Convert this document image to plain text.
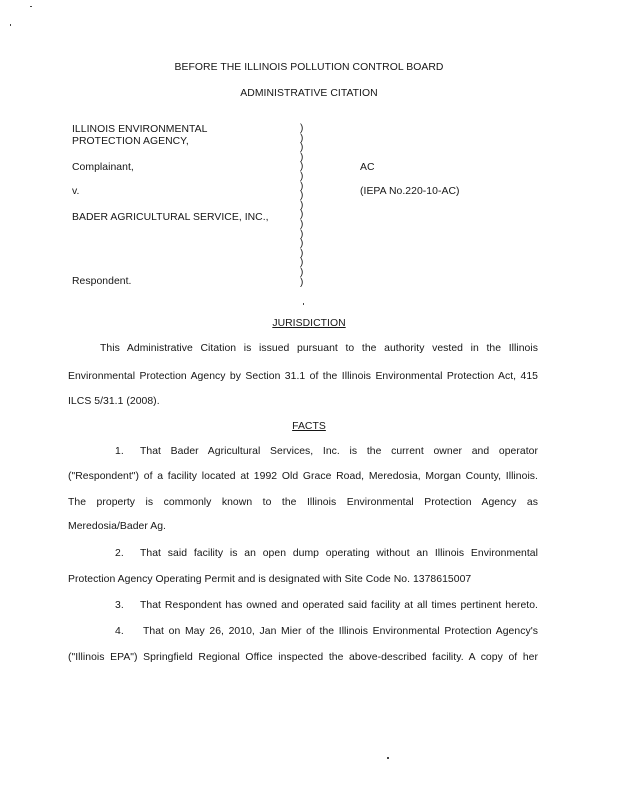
BEFORE THE ILLINOIS POLLUTION CONTROL BOARD
ADMINISTRATIVE CITATION
ILLINOIS ENVIRONMENTAL
PROTECTION AGENCY,
Complainant,
v.
BADER AGRICULTURAL SERVICE, INC.,
Respondent.
AC
(IEPA No.220-10-AC)
)
)
)
)
)
)
)
)
)
)
)
)
)
)
)
)
)
JURISDICTION
This Administrative Citation is issued pursuant to the authority vested in the Illinois
Environmental Protection Agency by Section 31.1 of the Illinois Environmental Protection Act, 415
ILCS 5/31.1 (2008).
FACTS
1. That Bader Agricultural Services, Inc. is the current owner and operator
("Respondent") of a facility located at 1992 Old Grace Road, Meredosia, Morgan County, Illinois.
The property is commonly known to the Illinois Environmental Protection Agency as
Meredosia/Bader Ag.
2. That said facility is an open dump operating without an Illinois Environmental
Protection Agency Operating Permit and is designated with Site Code No. 1378615007
3. That Respondent has owned and operated said facility at all times pertinent hereto.
4. That on May 26, 2010, Jan Mier of the Illinois Environmental Protection Agency's
("Illinois EPA") Springfield Regional Office inspected the above-described facility. A copy of her
